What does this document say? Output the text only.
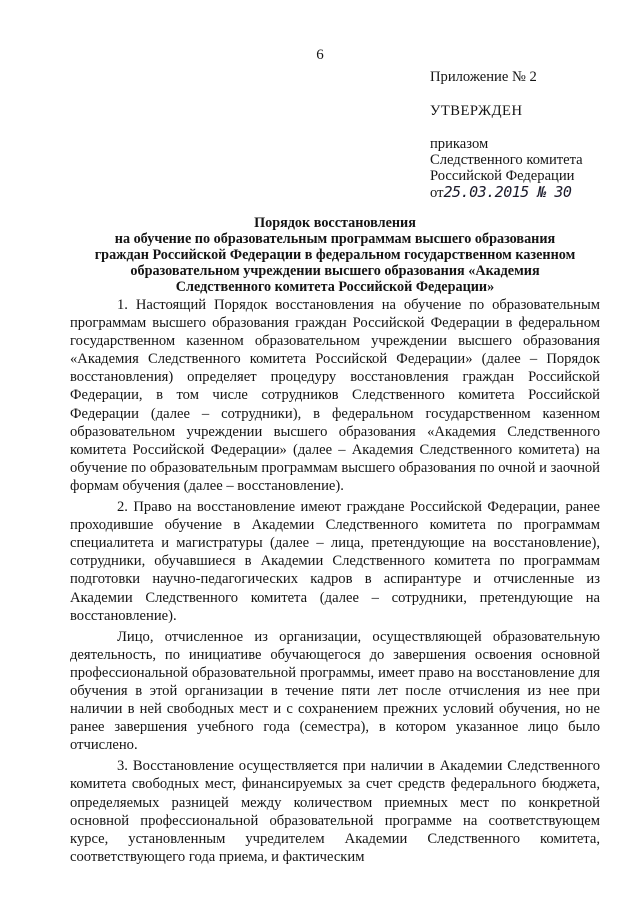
6
Приложение № 2
УТВЕРЖДЕН
приказом
Следственного комитета
Российской Федерации
от25.03.2015 № 30
Порядок восстановления
на обучение по образовательным программам высшего образования
граждан Российской Федерации в федеральном государственном казенном
образовательном учреждении высшего образования «Академия
Следственного комитета Российской Федерации»

1. Настоящий Порядок восстановления на обучение по образовательным программам высшего образования граждан Российской Федерации в федеральном государственном казенном образовательном учреждении высшего образования «Академия Следственного комитета Российской Федерации» (далее – Порядок восстановления) определяет процедуру восстановления граждан Российской Федерации, в том числе сотрудников Следственного комитета Российской Федерации (далее – сотрудники), в федеральном государственном казенном образовательном учреждении высшего образования «Академия Следственного комитета Российской Федерации» (далее – Академия Следственного комитета) на обучение по образовательным программам высшего образования по очной и заочной формам обучения (далее – восстановление).

2. Право на восстановление имеют граждане Российской Федерации, ранее проходившие обучение в Академии Следственного комитета по программам специалитета и магистратуры (далее – лица, претендующие на восстановление), сотрудники, обучавшиеся в Академии Следственного комитета по программам подготовки научно-педагогических кадров в аспирантуре и отчисленные из Академии Следственного комитета (далее – сотрудники, претендующие на восстановление).

Лицо, отчисленное из организации, осуществляющей образовательную деятельность, по инициативе обучающегося до завершения освоения основной профессиональной образовательной программы, имеет право на восстановление для обучения в этой организации в течение пяти лет после отчисления из нее при наличии в ней свободных мест и с сохранением прежних условий обучения, но не ранее завершения учебного года (семестра), в котором указанное лицо было отчислено.

3. Восстановление осуществляется при наличии в Академии Следственного комитета свободных мест, финансируемых за счет средств федерального бюджета, определяемых разницей между количеством приемных мест по конкретной основной профессиональной образовательной программе на соответствующем курсе, установленным учредителем Академии Следственного комитета, соответствующего года приема, и фактическим
